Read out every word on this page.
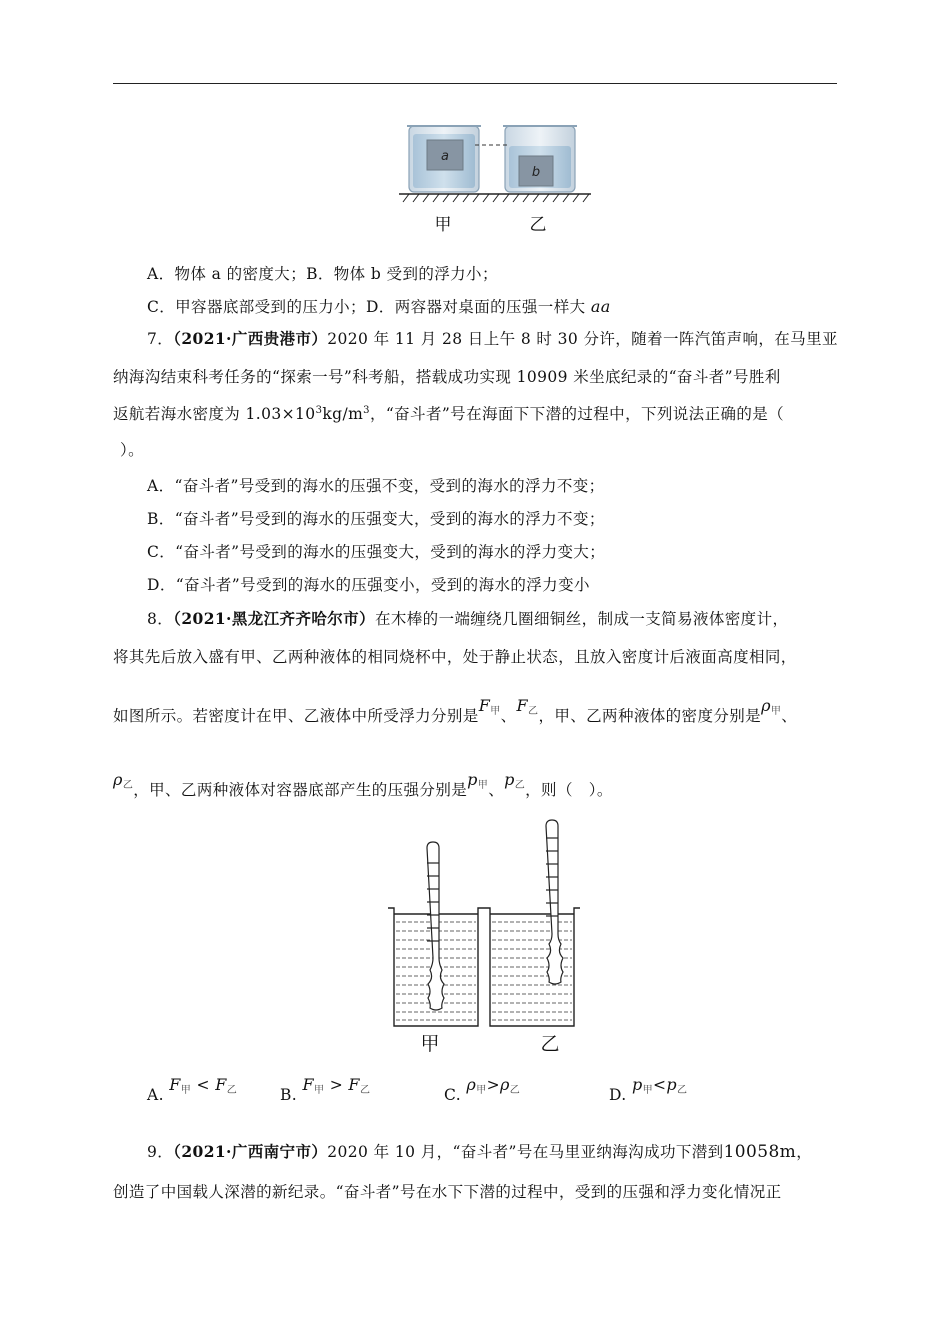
a
b
甲	乙
A．物体 a 的密度大；B．物体 b 受到的浮力小；
C．甲容器底部受到的压力小；D．两容器对桌面的压强一样大 aa
7．（2021·广西贵港市）2020 年 11 月 28 日上午 8 时 30 分许，随着一阵汽笛声响，在马里亚
纳海沟结束科考任务的“探索一号”科考船，搭载成功实现 10909 米坐底纪录的“奋斗者”号胜利
返航若海水密度为 $1.03\times 10^3kg/m^3$，“奋斗者”号在海面下下潜的过程中，下列说法正确的是（
）。
A．“奋斗者”号受到的海水的压强不变，受到的海水的浮力不变；
B．“奋斗者”号受到的海水的压强变大，受到的海水的浮力不变；
C．“奋斗者”号受到的海水的压强变大，受到的海水的浮力变大；
D．“奋斗者”号受到的海水的压强变小，受到的海水的浮力变小
8．（2021·黑龙江齐齐哈尔市）在木棒的一端缠绕几圈细铜丝，制成一支简易液体密度计，
将其先后放入盛有甲、乙两种液体的相同烧杯中，处于静止状态，且放入密度计后液面高度相同，
如图所示。若密度计在甲、乙液体中所受浮力分别是$F_甲$、$F_乙$，甲、乙两种液体的密度分别是$\rho_甲$、
$\rho_乙$，甲、乙两种液体对容器底部产生的压强分别是$p_甲$、$p_乙$，则（　）。
甲	乙
A. $F_甲 < F_乙$	B. $F_甲 > F_乙$	C. $\rho_甲>\rho_乙$	D. $p_甲<p_乙$
9．（2021·广西南宁市）2020 年 10 月，“奋斗者”号在马里亚纳海沟成功下潜到10058m，
创造了中国载人深潜的新纪录。“奋斗者”号在水下下潜的过程中，受到的压强和浮力变化情况正
